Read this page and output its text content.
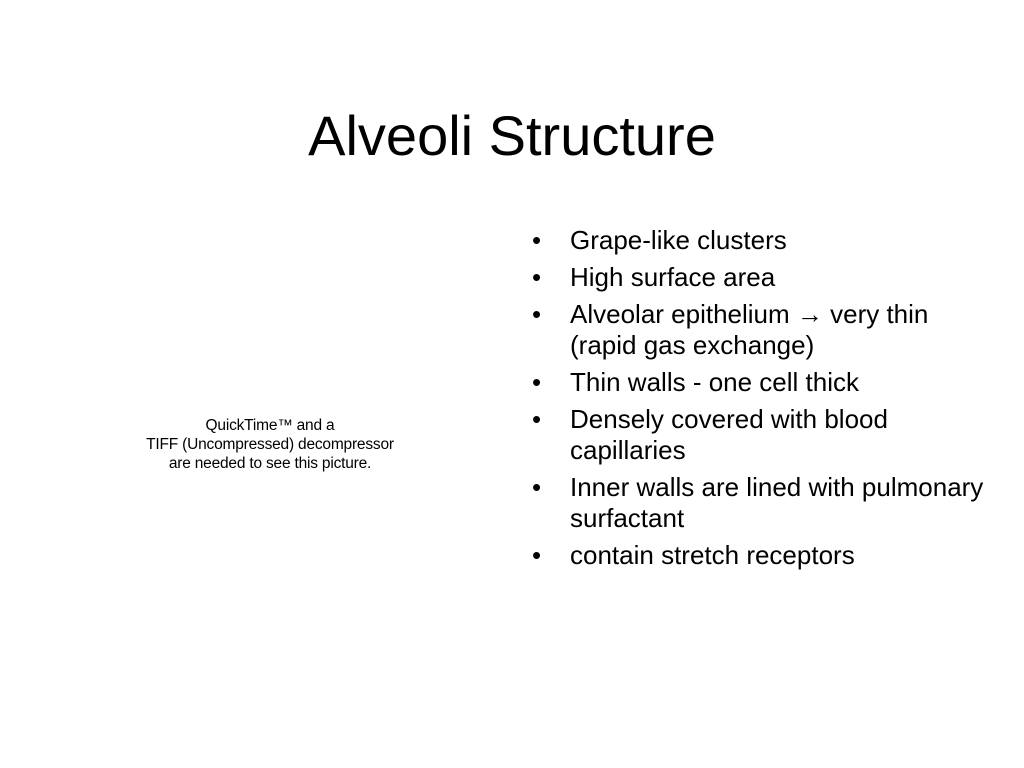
Alveoli Structure
QuickTime™ and a
TIFF (Uncompressed) decompressor
are needed to see this picture.
• Grape-like clusters
• High surface area
• Alveolar epithelium → very thin (rapid gas exchange)
• Thin walls - one cell thick
• Densely covered with blood capillaries
• Inner walls are lined with pulmonary surfactant
• contain stretch receptors
